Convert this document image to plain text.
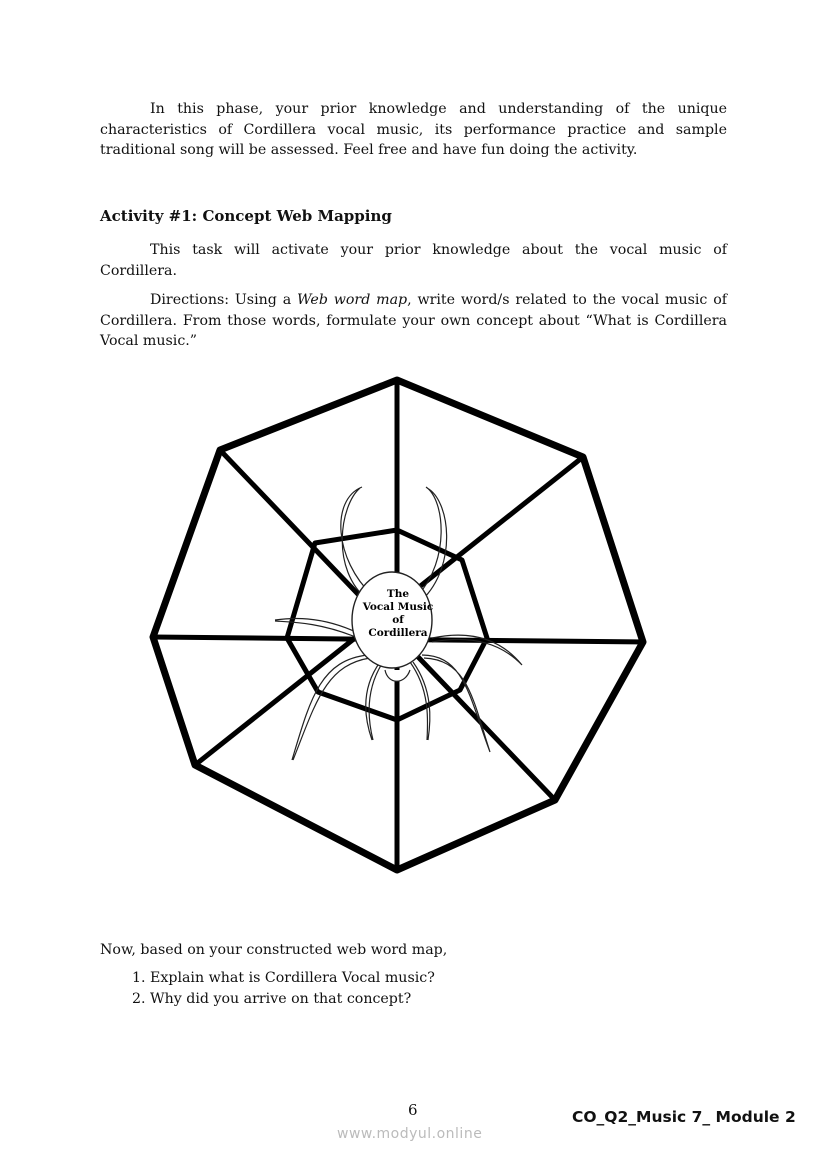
In this phase, your prior knowledge and understanding of the unique characteristics of Cordillera vocal music, its performance practice and sample traditional song will be assessed. Feel free and have fun doing the activity.

Activity #1: Concept Web Mapping

This task will activate your prior knowledge about the vocal music of Cordillera.

Directions: Using a Web word map, write word/s related to the vocal music of Cordillera. From those words, formulate your own concept about “What is Cordillera Vocal music.”

The
Vocal Music
of
Cordillera

Now, based on your constructed web word map,

1. Explain what is Cordillera Vocal music?
2. Why did you arrive on that concept?
6	CO_Q2_Music 7_ Module 2
www.modyul.online
